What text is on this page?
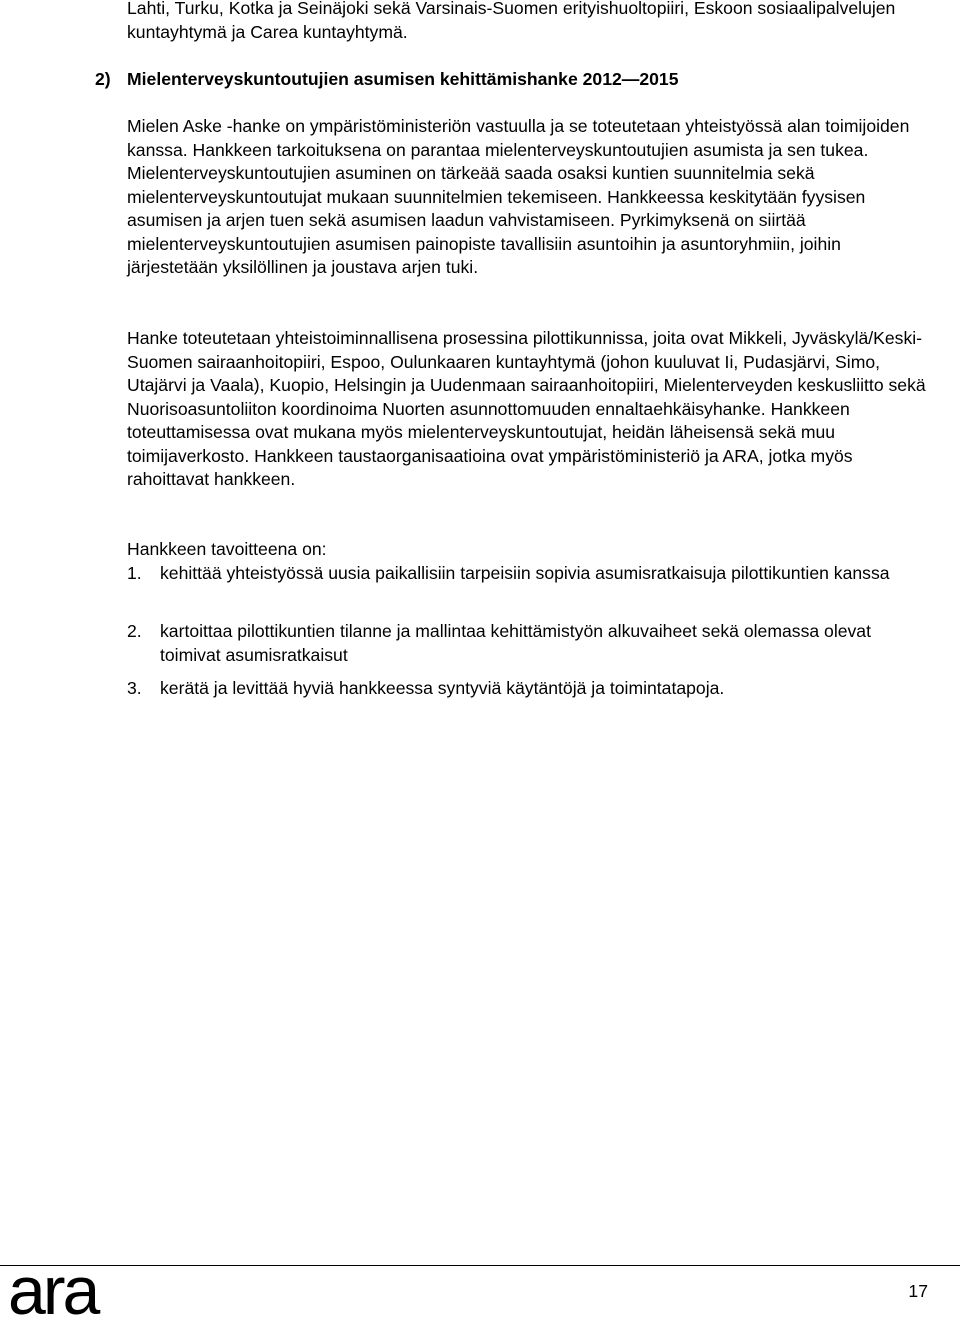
Lahti, Turku, Kotka ja Seinäjoki sekä Varsinais-Suomen erityishuoltopiiri, Eskoon sosiaalipalvelujen kuntayhtymä ja Carea kuntayhtymä.

2) Mielenterveyskuntoutujien asumisen kehittämishanke 2012—2015

Mielen Aske -hanke on ympäristöministeriön vastuulla ja se toteutetaan yhteistyössä alan toimijoiden kanssa. Hankkeen tarkoituksena on parantaa mielenterveyskuntoutujien asumista ja sen tukea. Mielenterveyskuntoutujien asuminen on tärkeää saada osaksi kuntien suunnitelmia sekä mielenterveyskuntoutujat mukaan suunnitelmien tekemiseen. Hankkeessa keskitytään fyysisen asumisen ja arjen tuen sekä asumisen laadun vahvistamiseen. Pyrkimyksenä on siirtää mielenterveyskuntoutujien asumisen painopiste tavallisiin asuntoihin ja asuntoryhmiin, joihin järjestetään yksilöllinen ja joustava arjen tuki.

Hanke toteutetaan yhteistoiminnallisena prosessina pilottikunnissa, joita ovat Mikkeli, Jyväskylä/Keski-Suomen sairaanhoitopiiri, Espoo, Oulunkaaren kuntayhtymä (johon kuuluvat Ii, Pudasjärvi, Simo, Utajärvi ja Vaala), Kuopio, Helsingin ja Uudenmaan sairaanhoitopiiri, Mielenterveyden keskusliitto sekä Nuorisoasuntoliiton koordinoima Nuorten asunnottomuuden ennaltaehkäisyhanke. Hankkeen toteuttamisessa ovat mukana myös mielenterveyskuntoutujat, heidän läheisensä sekä muu toimijaverkosto. Hankkeen taustaorganisaatioina ovat ympäristöministeriö ja ARA, jotka myös rahoittavat hankkeen.

Hankkeen tavoitteena on:

1.	kehittää yhteistyössä uusia paikallisiin tarpeisiin sopivia asumisratkaisuja pilottikuntien kanssa
2.	kartoittaa pilottikuntien tilanne ja mallintaa kehittämistyön alkuvaiheet sekä olemassa olevat toimivat asumisratkaisut
3.	kerätä ja levittää hyviä hankkeessa syntyviä käytäntöjä ja toimintatapoja.
ara	17
